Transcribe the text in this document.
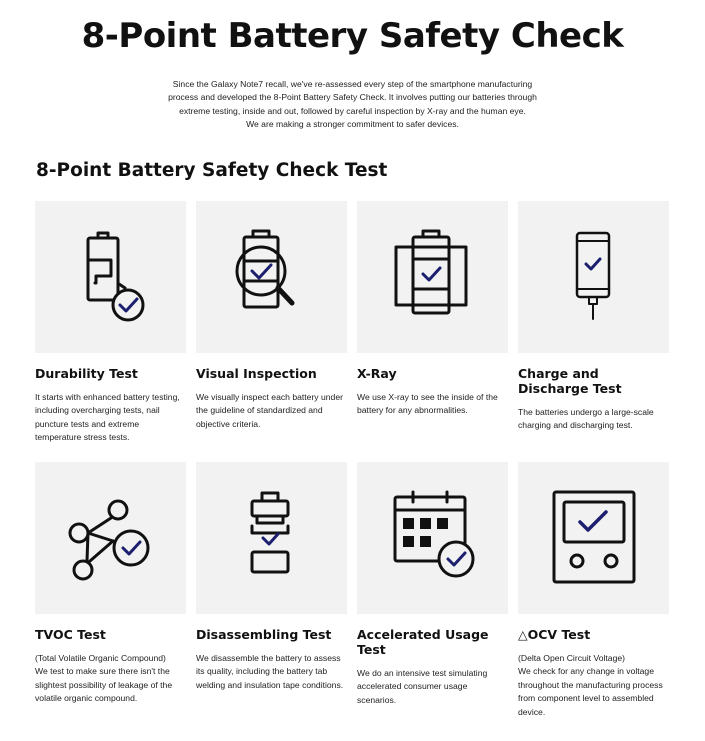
8-Point Battery Safety Check

Since the Galaxy Note7 recall, we've re-assessed every step of the smartphone manufacturing

process and developed the 8-Point Battery Safety Check. It involves putting our batteries through

extreme testing, inside and out, followed by careful inspection by X-ray and the human eye.

We are making a stronger commitment to safer devices.

8-Point Battery Safety Check Test
Durability Test
It starts with enhanced battery testing, including overcharging tests, nail puncture tests and extreme temperature stress tests.
Visual Inspection
We visually inspect each battery under the guideline of standardized and objective criteria.
X-Ray
We use X-ray to see the inside of the battery for any abnormalities.
Charge and Discharge Test
The batteries undergo a large-scale charging and discharging test.
TVOC Test
(Total Volatile Organic Compound)
We test to make sure there isn't the slightest possibility of leakage of the volatile organic compound.
Disassembling Test
We disassemble the battery to assess its quality, including the battery tab welding and insulation tape conditions.
Accelerated Usage Test
We do an intensive test simulating accelerated consumer usage scenarios.
△OCV Test
(Delta Open Circuit Voltage)
We check for any change in voltage throughout the manufacturing process from component level to assembled device.
